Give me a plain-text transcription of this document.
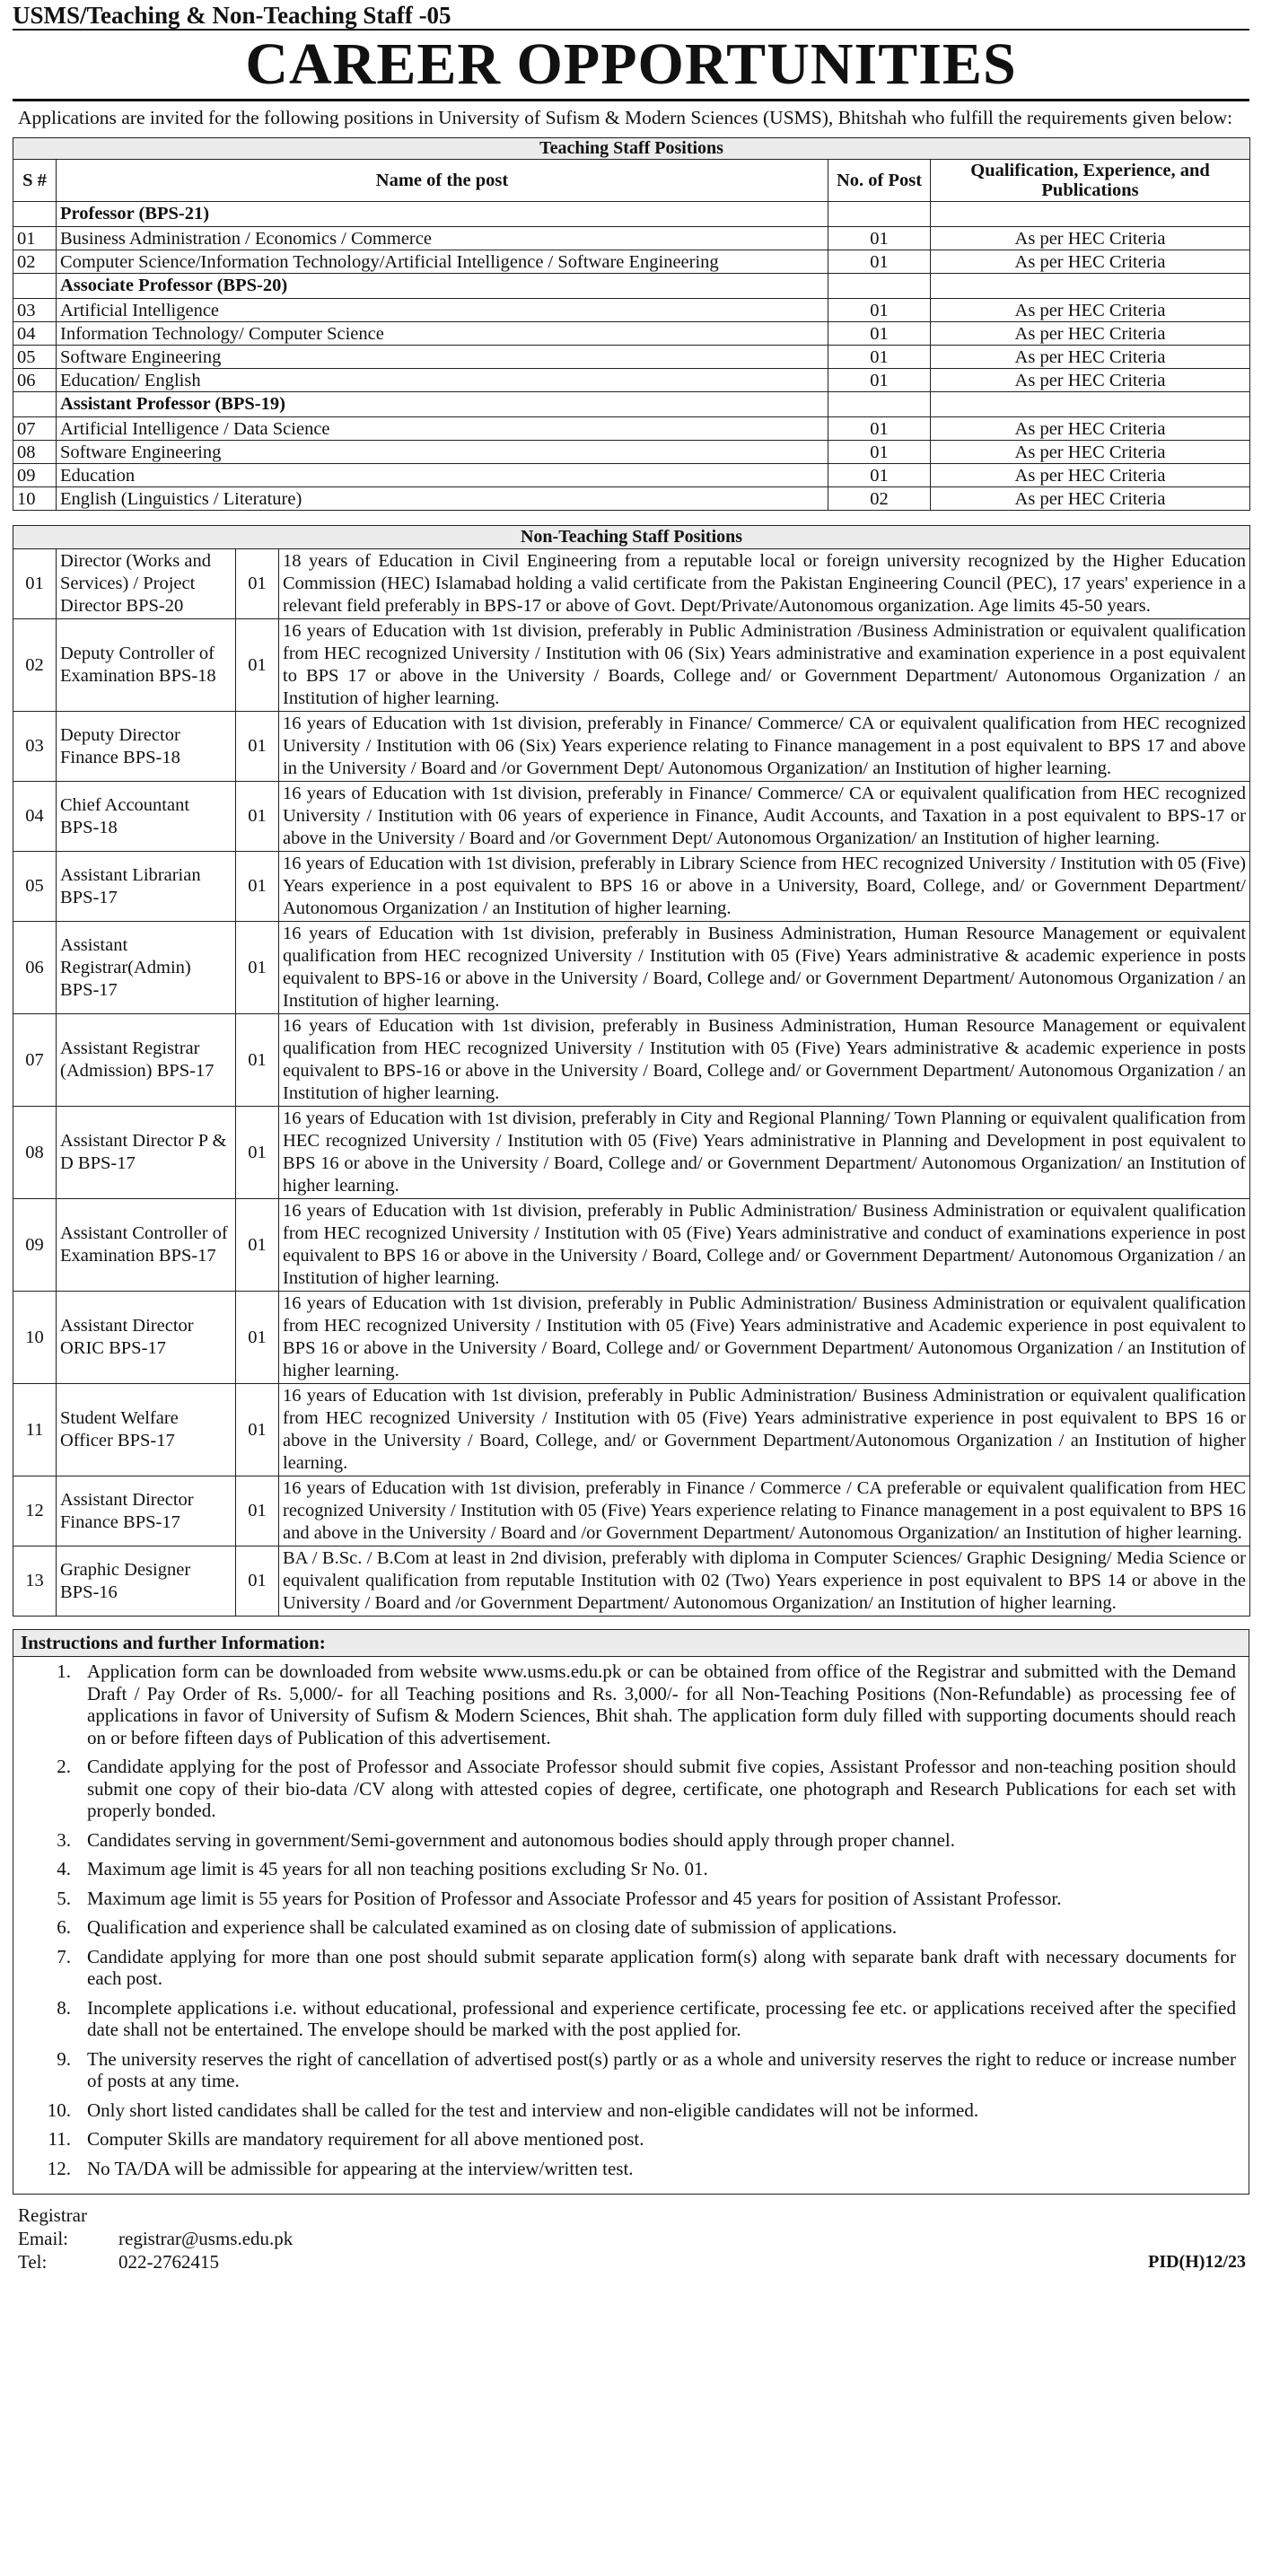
USMS/Teaching & Non-Teaching Staff -05
CAREER OPPORTUNITIES
Applications are invited for the following positions in University of Sufism & Modern Sciences (USMS), Bhitshah who fulfill the requirements given below:
Teaching Staff Positions			
S #	Name of the post	No. of Post	Qualification, Experience, and Publications
	Professor (BPS-21)		
01	Business Administration / Economics / Commerce	01	As per HEC Criteria
02	Computer Science/Information Technology/Artificial Intelligence / Software Engineering	01	As per HEC Criteria
	Associate Professor (BPS-20)		
03	Artificial Intelligence	01	As per HEC Criteria
04	Information Technology/ Computer Science	01	As per HEC Criteria
05	Software Engineering	01	As per HEC Criteria
06	Education/ English	01	As per HEC Criteria
	Assistant Professor (BPS-19)		
07	Artificial Intelligence / Data Science	01	As per HEC Criteria
08	Software Engineering	01	As per HEC Criteria
09	Education	01	As per HEC Criteria
10	English (Linguistics / Literature)	02	As per HEC Criteria
Non-Teaching Staff Positions			
01	Director (Works and Services) / Project Director BPS-20	01	18 years of Education in Civil Engineering from a reputable local or foreign university recognized by the Higher Education Commission (HEC) Islamabad holding a valid certificate from the Pakistan Engineering Council (PEC), 17 years' experience in a relevant field preferably in BPS-17 or above of Govt. Dept/Private/Autonomous organization. Age limits 45-50 years.
02	Deputy Controller of Examination BPS-18	01	16 years of Education with 1st division, preferably in Public Administration /Business Administration or equivalent qualification from HEC recognized University / Institution with 06 (Six) Years administrative and examination experience in a post equivalent to BPS 17 or above in the University / Boards, College and/ or Government Department/ Autonomous Organization / an Institution of higher learning.
03	Deputy Director Finance BPS-18	01	16 years of Education with 1st division, preferably in Finance/ Commerce/ CA or equivalent qualification from HEC recognized University / Institution with 06 (Six) Years experience relating to Finance management in a post equivalent to BPS 17 and above in the University / Board and /or Government Dept/ Autonomous Organization/ an Institution of higher learning.
04	Chief Accountant BPS-18	01	16 years of Education with 1st division, preferably in Finance/ Commerce/ CA or equivalent qualification from HEC recognized University / Institution with 06 years of experience in Finance, Audit Accounts, and Taxation in a post equivalent to BPS-17 or above in the University / Board and /or Government Dept/ Autonomous Organization/ an Institution of higher learning.
05	Assistant Librarian BPS-17	01	16 years of Education with 1st division, preferably in Library Science from HEC recognized University / Institution with 05 (Five) Years experience in a post equivalent to BPS 16 or above in a University, Board, College, and/ or Government Department/ Autonomous Organization / an Institution of higher learning.
06	Assistant Registrar(Admin) BPS-17	01	16 years of Education with 1st division, preferably in Business Administration, Human Resource Management or equivalent qualification from HEC recognized University / Institution with 05 (Five) Years administrative & academic experience in posts equivalent to BPS-16 or above in the University / Board, College and/ or Government Department/ Autonomous Organization / an Institution of higher learning.
07	Assistant Registrar (Admission) BPS-17	01	16 years of Education with 1st division, preferably in Business Administration, Human Resource Management or equivalent qualification from HEC recognized University / Institution with 05 (Five) Years administrative & academic experience in posts equivalent to BPS-16 or above in the University / Board, College and/ or Government Department/ Autonomous Organization / an Institution of higher learning.
08	Assistant Director P & D BPS-17	01	16 years of Education with 1st division, preferably in City and Regional Planning/ Town Planning or equivalent qualification from HEC recognized University / Institution with 05 (Five) Years administrative in Planning and Development in post equivalent to BPS 16 or above in the University / Board, College and/ or Government Department/ Autonomous Organization/ an Institution of higher learning.
09	Assistant Controller of Examination BPS-17	01	16 years of Education with 1st division, preferably in Public Administration/ Business Administration or equivalent qualification from HEC recognized University / Institution with 05 (Five) Years administrative and conduct of examinations experience in post equivalent to BPS 16 or above in the University / Board, College and/ or Government Department/ Autonomous Organization / an Institution of higher learning.
10	Assistant Director ORIC BPS-17	01	16 years of Education with 1st division, preferably in Public Administration/ Business Administration or equivalent qualification from HEC recognized University / Institution with 05 (Five) Years administrative and Academic experience in post equivalent to BPS 16 or above in the University / Board, College and/ or Government Department/ Autonomous Organization / an Institution of higher learning.
11	Student Welfare Officer BPS-17	01	16 years of Education with 1st division, preferably in Public Administration/ Business Administration or equivalent qualification from HEC recognized University / Institution with 05 (Five) Years administrative experience in post equivalent to BPS 16 or above in the University / Board, College, and/ or Government Department/Autonomous Organization / an Institution of higher learning.
12	Assistant Director Finance BPS-17	01	16 years of Education with 1st division, preferably in Finance / Commerce / CA preferable or equivalent qualification from HEC recognized University / Institution with 05 (Five) Years experience relating to Finance management in a post equivalent to BPS 16 and above in the University / Board and /or Government Department/ Autonomous Organization/ an Institution of higher learning.
13	Graphic Designer BPS-16	01	BA / B.Sc. / B.Com at least in 2nd division, preferably with diploma in Computer Sciences/ Graphic Designing/ Media Science or equivalent qualification from reputable Institution with 02 (Two) Years experience in post equivalent to BPS 14 or above in the University / Board and /or Government Department/ Autonomous Organization/ an Institution of higher learning.
Instructions and further Information:
1. Application form can be downloaded from website www.usms.edu.pk or can be obtained from office of the Registrar and submitted with the Demand Draft / Pay Order of Rs. 5,000/- for all Teaching positions and Rs. 3,000/- for all Non-Teaching Positions (Non-Refundable) as processing fee of applications in favor of University of Sufism & Modern Sciences, Bhit shah. The application form duly filled with supporting documents should reach on or before fifteen days of Publication of this advertisement.
2. Candidate applying for the post of Professor and Associate Professor should submit five copies, Assistant Professor and non-teaching position should submit one copy of their bio-data /CV along with attested copies of degree, certificate, one photograph and Research Publications for each set with properly bonded.
3. Candidates serving in government/Semi-government and autonomous bodies should apply through proper channel.
4. Maximum age limit is 45 years for all non teaching positions excluding Sr No. 01.
5. Maximum age limit is 55 years for Position of Professor and Associate Professor and 45 years for position of Assistant Professor.
6. Qualification and experience shall be calculated examined as on closing date of submission of applications.
7. Candidate applying for more than one post should submit separate application form(s) along with separate bank draft with necessary documents for each post.
8. Incomplete applications i.e. without educational, professional and experience certificate, processing fee etc. or applications received after the specified date shall not be entertained. The envelope should be marked with the post applied for.
9. The university reserves the right of cancellation of advertised post(s) partly or as a whole and university reserves the right to reduce or increase number of posts at any time.
10. Only short listed candidates shall be called for the test and interview and non-eligible candidates will not be informed.
11. Computer Skills are mandatory requirement for all above mentioned post.
12. No TA/DA will be admissible for appearing at the interview/written test.
Registrar
Email:	registrar@usms.edu.pk
Tel:	022-2762415	PID(H)12/23
